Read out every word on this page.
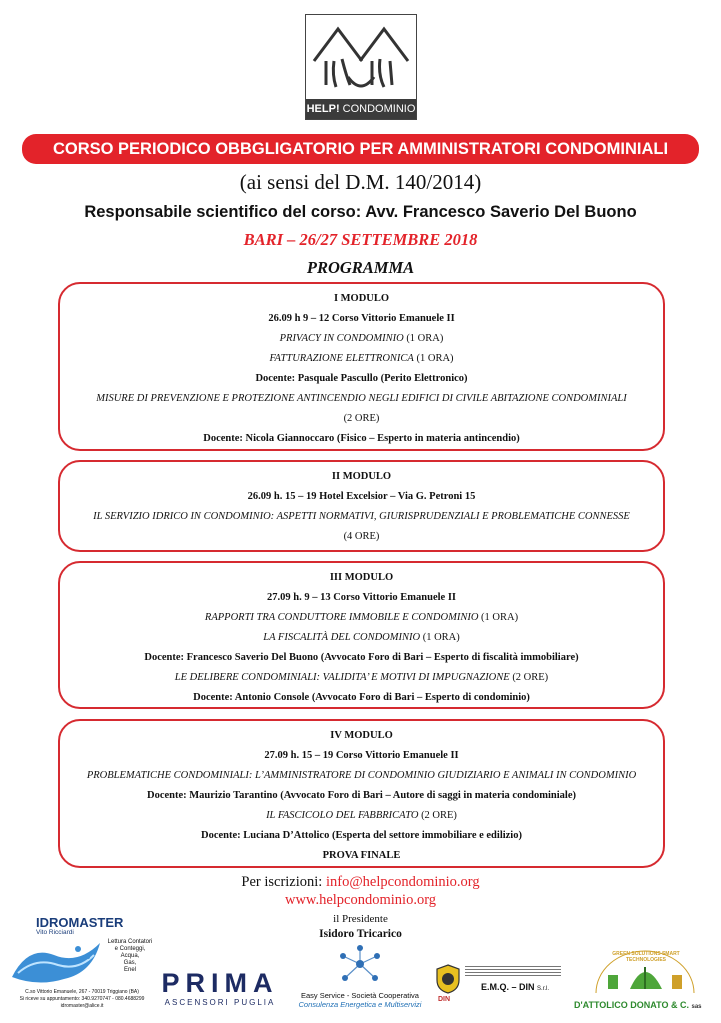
HELP! CONDOMINIO
CORSO PERIODICO OBBGLIGATORIO PER AMMINISTRATORI CONDOMINIALI
(ai sensi del D.M. 140/2014)
Responsabile scientifico del corso: Avv. Francesco Saverio Del Buono
BARI – 26/27 SETTEMBRE 2018
PROGRAMMA
I MODULO
26.09 h 9 – 12 Corso Vittorio Emanuele II
PRIVACY IN CONDOMINIO (1 ORA)
FATTURAZIONE ELETTRONICA (1 ORA)
Docente: Pasquale Pascullo (Perito Elettronico)
MISURE DI PREVENZIONE E PROTEZIONE ANTINCENDIO NEGLI EDIFICI DI CIVILE ABITAZIONE CONDOMINIALI
(2 ORE)
Docente: Nicola Giannoccaro (Fisico – Esperto in materia antincendio)
II MODULO
26.09 h. 15 – 19 Hotel Excelsior – Via G. Petroni 15
IL SERVIZIO IDRICO IN CONDOMINIO: ASPETTI NORMATIVI, GIURISPRUDENZIALI E PROBLEMATICHE CONNESSE
(4 ORE)
III MODULO
27.09 h. 9 – 13 Corso Vittorio Emanuele II
RAPPORTI TRA CONDUTTORE IMMOBILE E CONDOMINIO (1 ORA)
LA FISCALITÀ DEL CONDOMINIO (1 ORA)
Docente: Francesco Saverio Del Buono (Avvocato Foro di Bari – Esperto di fiscalità immobiliare)
LE DELIBERE CONDOMINIALI: VALIDITA’ E MOTIVI DI IMPUGNAZIONE (2 ORE)
Docente: Antonio Console (Avvocato Foro di Bari – Esperto di condominio)
IV MODULO
27.09 h. 15 – 19 Corso Vittorio Emanuele II
PROBLEMATICHE CONDOMINIALI: L’AMMINISTRATORE DI CONDOMINIO GIUDIZIARIO E ANIMALI IN CONDOMINIO
Docente: Maurizio Tarantino (Avvocato Foro di Bari – Autore di saggi in materia condominiale)
IL FASCICOLO DEL FABBRICATO (2 ORE)
Docente: Luciana D’Attolico (Esperta del settore immobiliare e edilizio)
PROVA FINALE
Per iscrizioni: info@helpcondominio.org
www.helpcondominio.org
il Presidente
Isidoro Tricarico
IDROMASTER
Vito Ricciardi
Lettura Contatori
e Conteggi,
Acqua,
Gas,
Enel
C.so Vittorio Emanuele, 267 - 70019 Triggiano (BA)
Si riceve su appuntamento: 340.9270747 - 080.4688299
idromaster@alice.it
PRIMA
ASCENSORI PUGLIA
Easy Service - Società Cooperativa
Consulenza Energetica e Multiservizi
DIN
E.M.Q. – DIN S.r.l.
GREEN SOLUTIONS SMART TECHNOLOGIES
D'ATTOLICO DONATO & C. sas
